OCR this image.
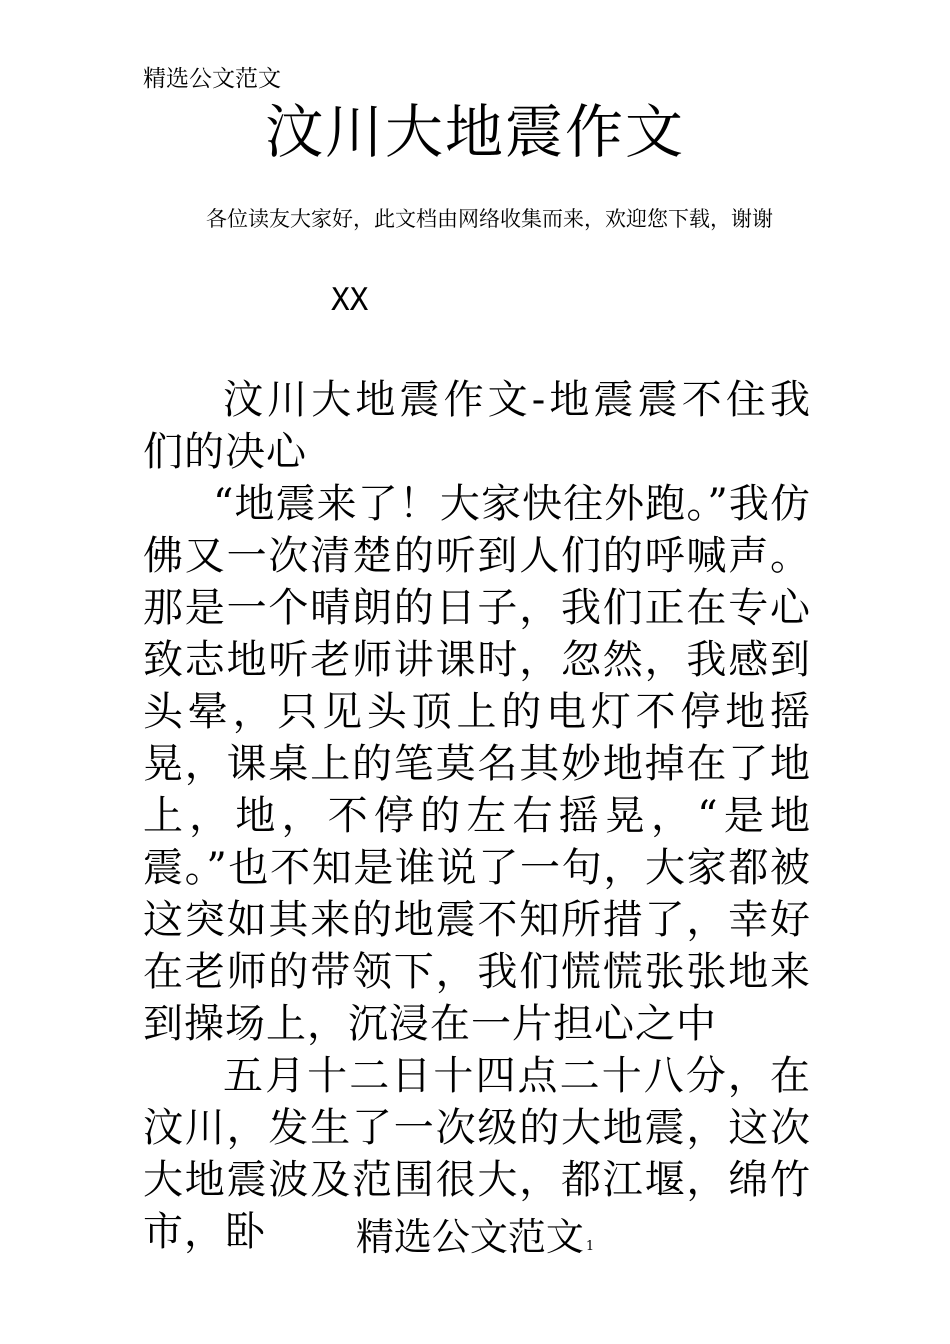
精选公文范文
汶川大地震作文
各位读友大家好，此文档由网络收集而来，欢迎您下载，谢谢
XX

汶川大地震作文-地震震不住我们的决心

“地震来了！大家快往外跑。”我仿佛又一次清楚的听到人们的呼喊声。那是一个晴朗的日子，我们正在专心致志地听老师讲课时，忽然，我感到头晕，只见头顶上的电灯不停地摇晃，课桌上的笔莫名其妙地掉在了地上，地，不停的左右摇晃，“是地震。”也不知是谁说了一句，大家都被这突如其来的地震不知所措了，幸好在老师的带领下，我们慌慌张张地来到操场上，沉浸在一片担心之中

五月十二日十四点二十八分，在汶川，发生了一次级的大地震，这次大地震波及范围很大，都江堰，绵竹市，卧	精选公文范文 1
